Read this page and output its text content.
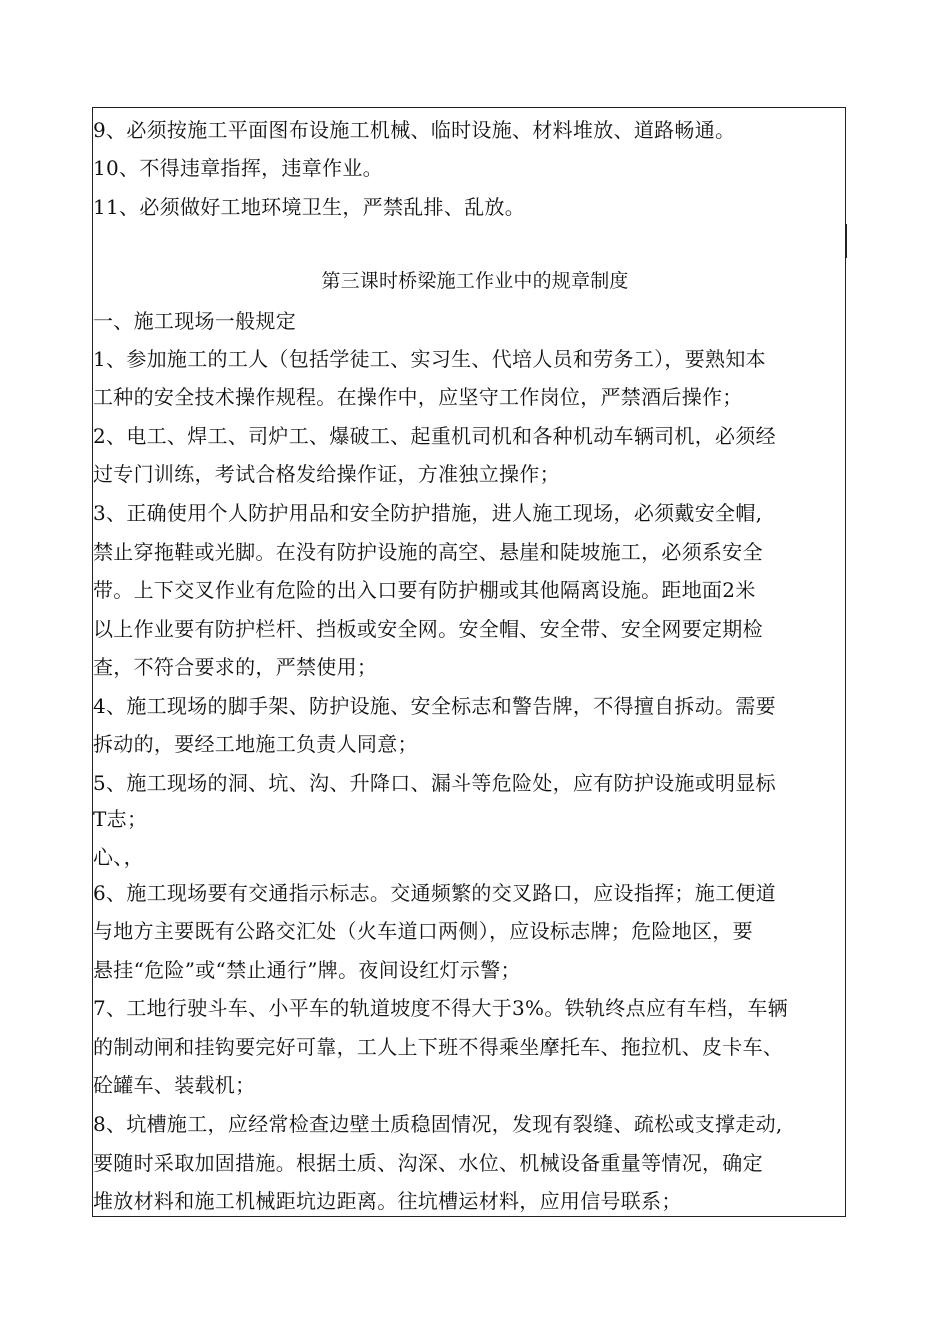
9、必须按施工平面图布设施工机械、临时设施、材料堆放、道路畅通。
10、不得违章指挥，违章作业。
11、必须做好工地环境卫生，严禁乱排、乱放。
第三课时桥梁施工作业中的规章制度
一、施工现场一般规定
1、参加施工的工人（包括学徒工、实习生、代培人员和劳务工），要熟知本
工种的安全技术操作规程。在操作中，应坚守工作岗位，严禁酒后操作；
2、电工、焊工、司炉工、爆破工、起重机司机和各种机动车辆司机，必须经
过专门训练，考试合格发给操作证，方准独立操作；
3、正确使用个人防护用品和安全防护措施，进人施工现场，必须戴安全帽,
禁止穿拖鞋或光脚。在没有防护设施的高空、悬崖和陡坡施工，必须系安全
带。上下交叉作业有危险的出入口要有防护棚或其他隔离设施。距地面2米
以上作业要有防护栏杆、挡板或安全网。安全帽、安全带、安全网要定期检
查，不符合要求的，严禁使用；
4、施工现场的脚手架、防护设施、安全标志和警告牌，不得擅自拆动。需要
拆动的，要经工地施工负责人同意；
5、施工现场的洞、坑、沟、升降口、漏斗等危险处，应有防护设施或明显标
T志；
心、，
6、施工现场要有交通指示标志。交通频繁的交叉路口，应设指挥；施工便道
与地方主要既有公路交汇处（火车道口两侧），应设标志牌；危险地区，要
悬挂“危险”或“禁止通行”牌。夜间设红灯示警；
7、工地行驶斗车、小平车的轨道坡度不得大于3%。铁轨终点应有车档，车辆
的制动闸和挂钩要完好可靠，工人上下班不得乘坐摩托车、拖拉机、皮卡车、
砼罐车、装载机；
8、坑槽施工，应经常检查边壁土质稳固情况，发现有裂缝、疏松或支撑走动,
要随时采取加固措施。根据土质、沟深、水位、机械设备重量等情况，确定
堆放材料和施工机械距坑边距离。往坑槽运材料，应用信号联系；
